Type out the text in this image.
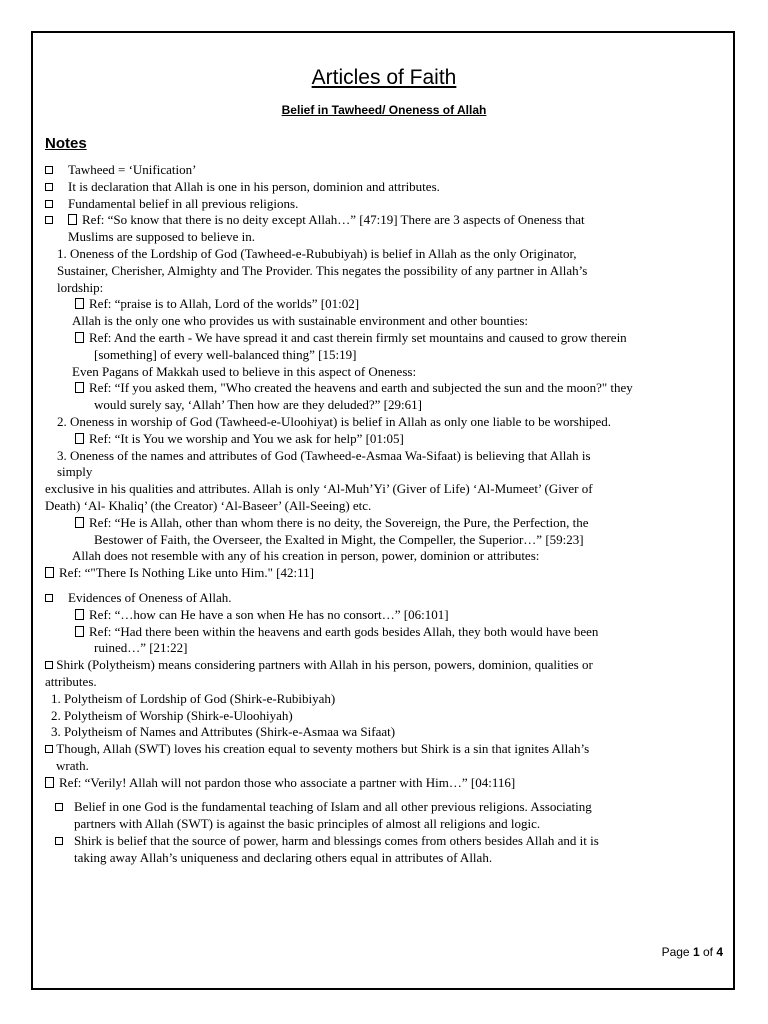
Articles of Faith
Belief in Tawheed/ Oneness of Allah
Notes
Tawheed = ‘Unification’
It is declaration that Allah is one in his person, dominion and attributes.
Fundamental belief in all previous religions.
Ref: “So know that there is no deity except Allah…” [47:19] There are 3 aspects of Oneness that
Muslims are supposed to believe in.
1. Oneness of the Lordship of God (Tawheed-e-Rububiyah) is belief in Allah as the only Originator,
Sustainer, Cherisher, Almighty and The Provider. This negates the possibility of any partner in Allah’s
lordship:
Ref: “praise is to Allah, Lord of the worlds” [01:02]
Allah is the only one who provides us with sustainable environment and other bounties:
Ref: And the earth - We have spread it and cast therein firmly set mountains and caused to grow therein
[something] of every well-balanced thing” [15:19]
Even Pagans of Makkah used to believe in this aspect of Oneness:
Ref: “If you asked them, "Who created the heavens and earth and subjected the sun and the moon?" they
would surely say, ‘Allah’ Then how are they deluded?” [29:61]
2. Oneness in worship of God (Tawheed-e-Uloohiyat) is belief in Allah as only one liable to be worshiped.
Ref: “It is You we worship and You we ask for help” [01:05]
3. Oneness of the names and attributes of God (Tawheed-e-Asmaa Wa-Sifaat) is believing that Allah is
simply
exclusive in his qualities and attributes. Allah is only ‘Al-Muh’Yi’ (Giver of Life) ‘Al-Mumeet’ (Giver of
Death) ‘Al- Khaliq’ (the Creator) ‘Al-Baseer’ (All-Seeing) etc.
Ref: “He is Allah, other than whom there is no deity, the Sovereign, the Pure, the Perfection, the
Bestower of Faith, the Overseer, the Exalted in Might, the Compeller, the Superior…” [59:23]
Allah does not resemble with any of his creation in person, power, dominion or attributes:
Ref: “"There Is Nothing Like unto Him." [42:11]
Evidences of Oneness of Allah.
Ref: “…how can He have a son when He has no consort…” [06:101]
Ref: “Had there been within the heavens and earth gods besides Allah, they both would have been
ruined…” [21:22]
Shirk (Polytheism) means considering partners with Allah in his person, powers, dominion, qualities or
attributes.
1. Polytheism of Lordship of God (Shirk-e-Rubibiyah)
2. Polytheism of Worship (Shirk-e-Uloohiyah)
3. Polytheism of Names and Attributes (Shirk-e-Asmaa wa Sifaat)
Though, Allah (SWT) loves his creation equal to seventy mothers but Shirk is a sin that ignites Allah’s
wrath.
Ref: “Verily! Allah will not pardon those who associate a partner with Him…” [04:116]
Belief in one God is the fundamental teaching of Islam and all other previous religions. Associating
partners with Allah (SWT) is against the basic principles of almost all religions and logic.
Shirk is belief that the source of power, harm and blessings comes from others besides Allah and it is
taking away Allah’s uniqueness and declaring others equal in attributes of Allah.
Page 1 of 4
